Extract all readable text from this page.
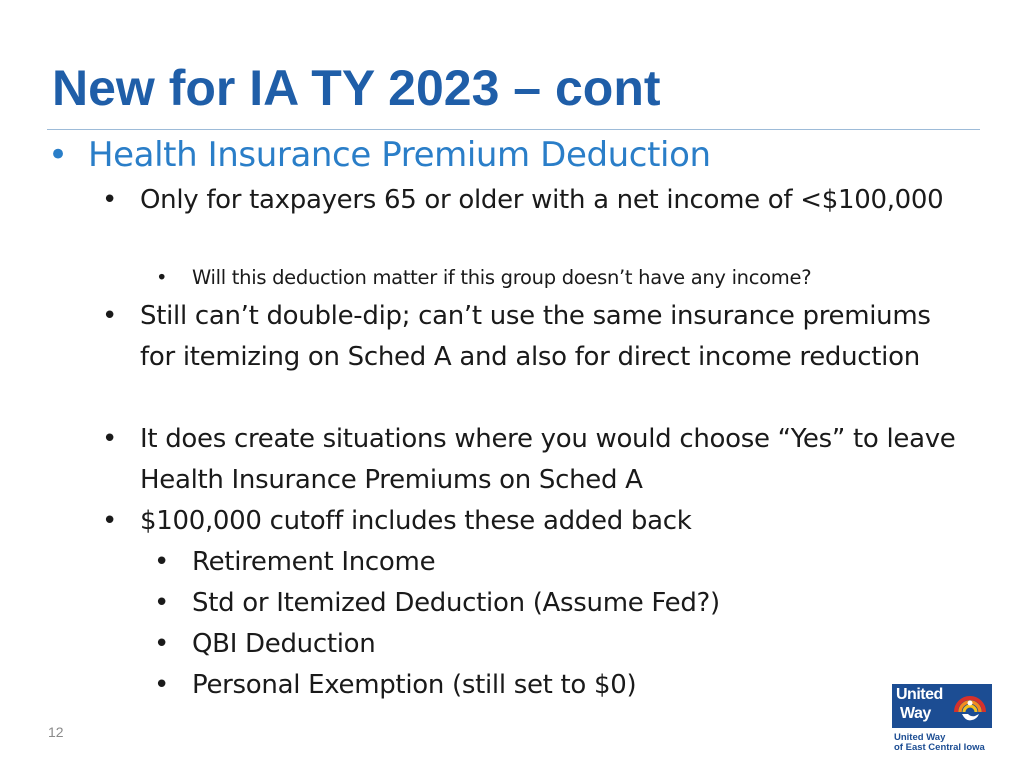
New for IA TY 2023 – cont
• Health Insurance Premium Deduction
• Only for taxpayers 65 or older with a net income of <$100,000
• Will this deduction matter if this group doesn’t have any income?
• Still can’t double-dip; can’t use the same insurance premiums for itemizing on Sched A and also for direct income reduction
• It does create situations where you would choose “Yes” to leave Health Insurance Premiums on Sched A
• $100,000 cutoff includes these added back
• Retirement Income
• Std or Itemized Deduction (Assume Fed?)
• QBI Deduction
• Personal Exemption (still set to $0)
12
United
Way
United Way
of East Central Iowa
